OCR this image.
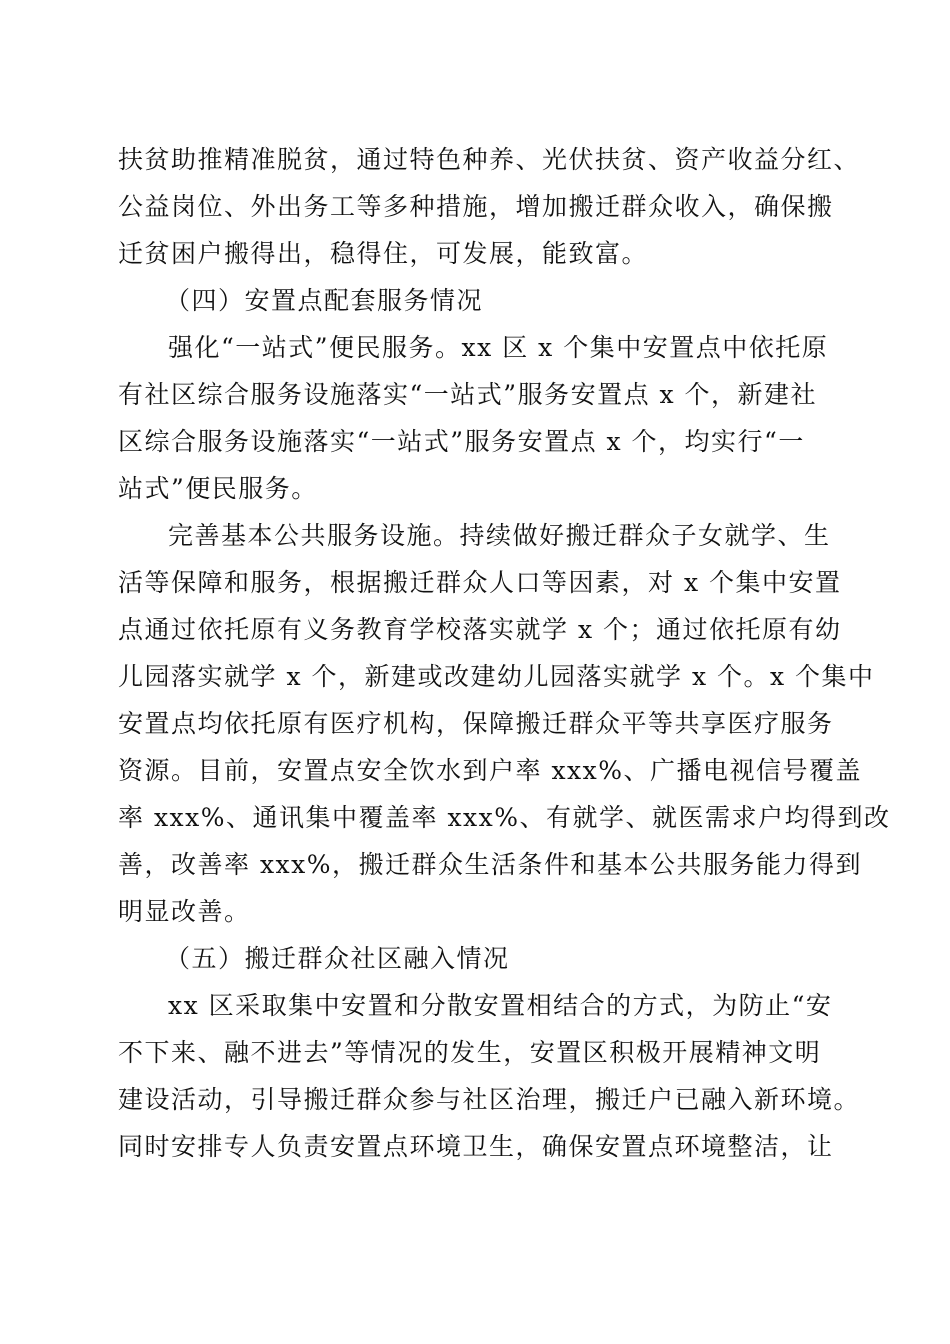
扶贫助推精准脱贫，通过特色种养、光伏扶贫、资产收益分红、
公益岗位、外出务工等多种措施，增加搬迁群众收入，确保搬
迁贫困户搬得出，稳得住，可发展，能致富。
（四）安置点配套服务情况
强化“一站式”便民服务。xx 区 x 个集中安置点中依托原
有社区综合服务设施落实“一站式”服务安置点 x 个，新建社
区综合服务设施落实“一站式”服务安置点 x 个，均实行“一
站式”便民服务。
完善基本公共服务设施。持续做好搬迁群众子女就学、生
活等保障和服务，根据搬迁群众人口等因素，对 x 个集中安置
点通过依托原有义务教育学校落实就学 x 个；通过依托原有幼
儿园落实就学 x 个，新建或改建幼儿园落实就学 x 个。x 个集中
安置点均依托原有医疗机构，保障搬迁群众平等共享医疗服务
资源。目前，安置点安全饮水到户率 xxx%、广播电视信号覆盖
率 xxx%、通讯集中覆盖率 xxx%、有就学、就医需求户均得到改
善，改善率 xxx%，搬迁群众生活条件和基本公共服务能力得到
明显改善。
（五）搬迁群众社区融入情况
xx 区采取集中安置和分散安置相结合的方式，为防止“安
不下来、融不进去”等情况的发生，安置区积极开展精神文明
建设活动，引导搬迁群众参与社区治理，搬迁户已融入新环境。
同时安排专人负责安置点环境卫生，确保安置点环境整洁，让
